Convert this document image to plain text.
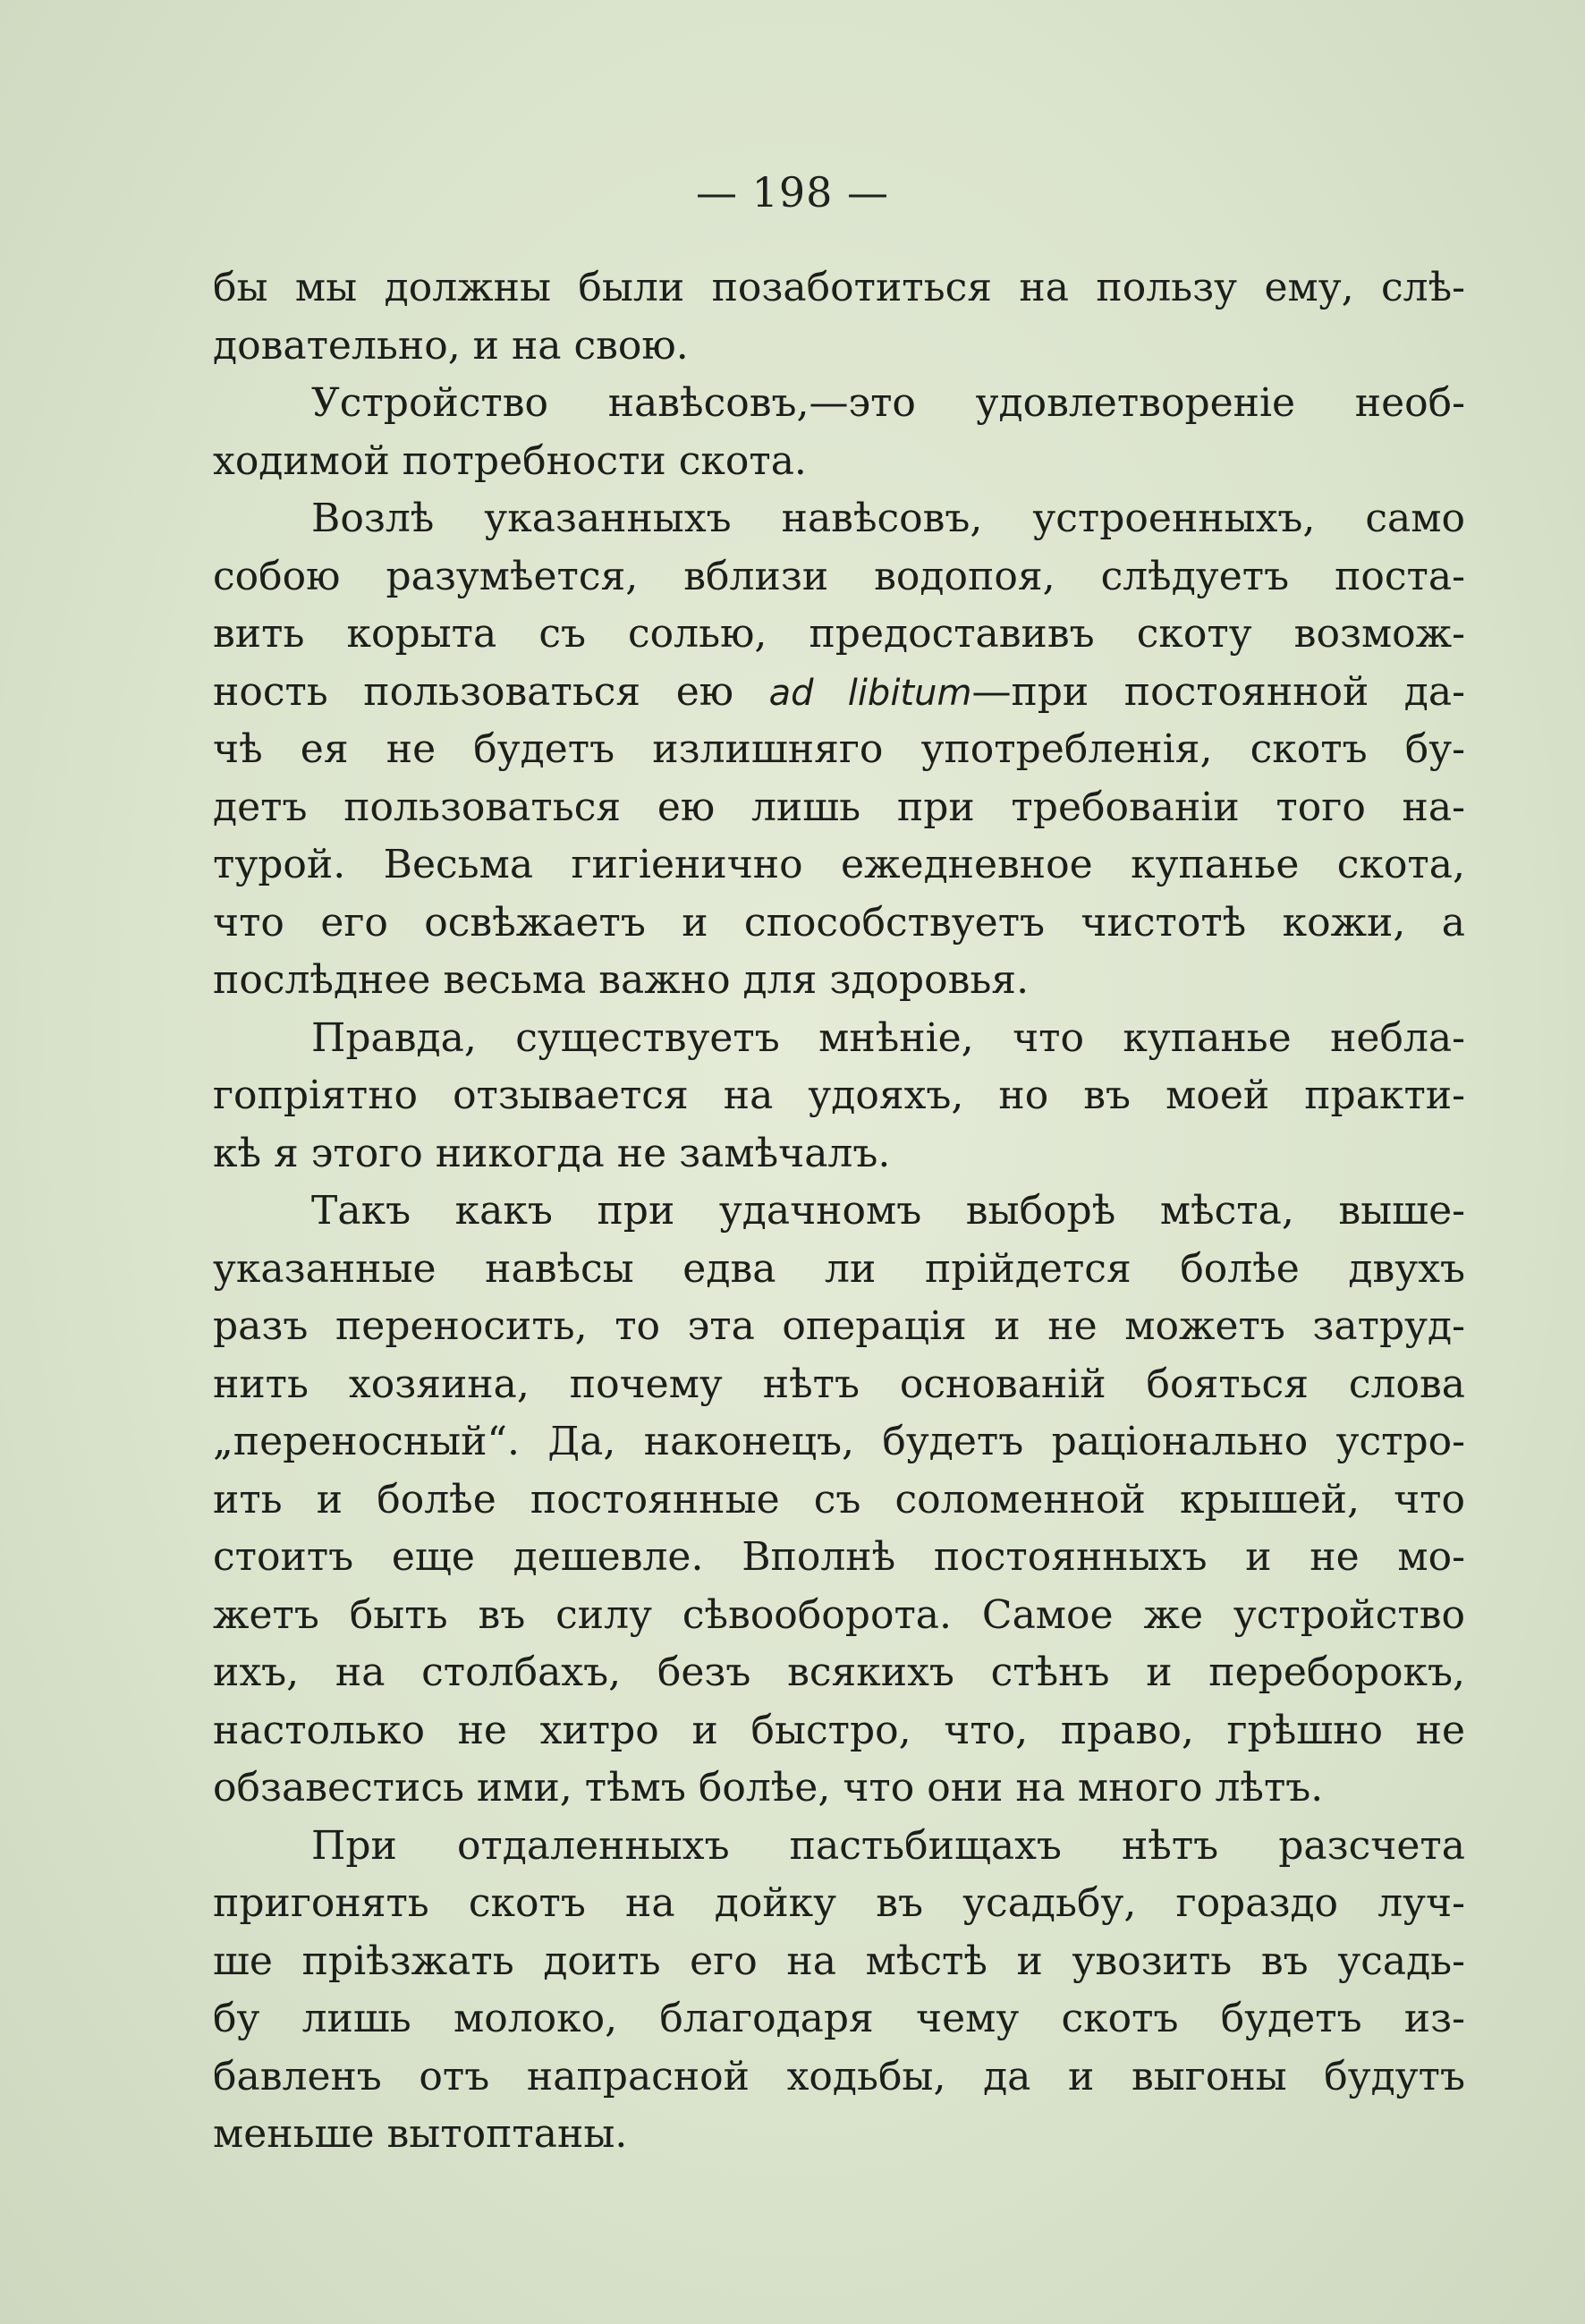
— 198 —
бы мы должны были позаботиться на пользу ему, слѣ-
довательно, и на свою.
Устройство навѣсовъ,—это удовлетвореніе необ-
ходимой потребности скота.
Возлѣ указанныхъ навѣсовъ, устроенныхъ, само
собою разумѣется, вблизи водопоя, слѣдуетъ поста-
вить корыта съ солью, предоставивъ скоту возмож-
ность пользоваться ею ad libitum—при постоянной да-
чѣ ея не будетъ излишняго употребленія, скотъ бу-
детъ пользоваться ею лишь при требованіи того на-
турой. Весьма гигіенично ежедневное купанье скота,
что его освѣжаетъ и способствуетъ чистотѣ кожи, а
послѣднее весьма важно для здоровья.
Правда, существуетъ мнѣніе, что купанье небла-
гопріятно отзывается на удояхъ, но въ моей практи-
кѣ я этого никогда не замѣчалъ.
Такъ какъ при удачномъ выборѣ мѣста, выше-
указанные навѣсы едва ли прійдется болѣе двухъ
разъ переносить, то эта операція и не можетъ затруд-
нить хозяина, почему нѣтъ основаній бояться слова
„переносный“. Да, наконецъ, будетъ раціонально устро-
ить и болѣе постоянные съ соломенной крышей, что
стоитъ еще дешевле. Вполнѣ постоянныхъ и не мо-
жетъ быть въ силу сѣвооборота. Самое же устройство
ихъ, на столбахъ, безъ всякихъ стѣнъ и переборокъ,
настолько не хитро и быстро, что, право, грѣшно не
обзавестись ими, тѣмъ болѣе, что они на много лѣтъ.
При отдаленныхъ пастьбищахъ нѣтъ разсчета
пригонять скотъ на дойку въ усадьбу, гораздо луч-
ше пріѣзжать доить его на мѣстѣ и увозить въ усадь-
бу лишь молоко, благодаря чему скотъ будетъ из-
бавленъ отъ напрасной ходьбы, да и выгоны будутъ
меньше вытоптаны.
